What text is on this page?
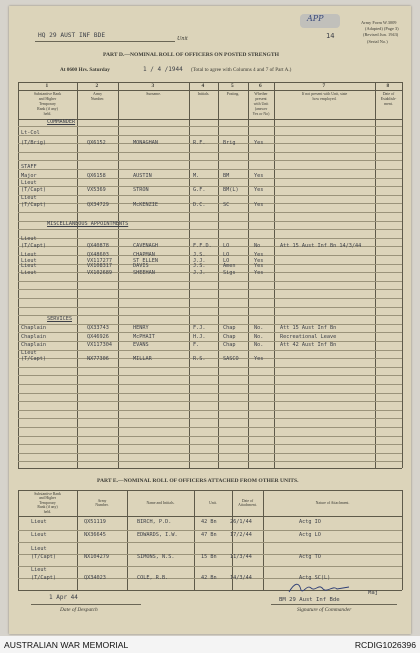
APP
HQ 29 AUST INF BDE	Unit
Army Form W.3009
(Adapted) (Page 3)
(Revised Jun. 1943)
14
(Serial No.)
PART D.—NOMINAL ROLL OF OFFICERS ON POSTED STRENGTH
At 0600 Hrs. Saturday	1 / 4 /1944 (Total to agree with Columns 4 and 7 of Part A.)
1	2	3	4	5	6	7	8
Substantive Rank
and Higher
Temporary
Rank (if any)
held.
Army
Number.
Surname.	Initials.	Posting.	Whether
present
with Unit
(answer
Yes or No)
If not present with Unit, state
how employed.
Date of
Establish-
ment.
COMMANDER
Lt-Col
(T/Brig)	QX6152	MONAGHAN	R.F.	Brig	Yes
STAFF
Major	QX6158	AUSTIN	M.	BM	Yes
Lieut
(T/Capt)	VX5369	STRON	G.F.	BM(L)	Yes
Lieut
(T/Capt)	QX34729	McKENZIE	D.C.	SC	Yes
MISCELLANEOUS APPOINTMENTS
Lieut
(T/Capt)	QX40878	CAVENAGH	F.F.D. LO	No	Att 15 Aust Inf Bn 14/3/44
Lieut	QX48603	CHAPMAN	J.S.	LO	Yes
Lieut	VX117277	ST ELLEN	J.J.	LO	Yes
Lieut	VX108317	DAVIS	J.S.	Amen	Yes
Lieut	VX102689	SHEEHAN	J.J.	Sigs	Yes
SERVICES
Chaplain	QX33743	HENRY	F.J.	Chap	No.	Att 15 Aust Inf Bn
Chaplain	QX46926	McPHAIT	H.J.	Chap	No.	Recreational Leave
Chaplain	VX117304	EVANS	F.	Chap	No.	Att 42 Aust Inf Bn
Lieut
(T/Capt)	NX77306	MILLAR	R.S.	SASCO	Yes
PART E.—NOMINAL ROLL OF OFFICERS ATTACHED FROM OTHER UNITS.
Substantive Rank
and Higher
Temporary
Rank (if any)
held.
Army
Number.
Name and Initials.	Unit.
Date of
Attachment.
Nature of Attachment.
Lieut	QX51119	BIRCH, P.D.	42 Bn	26/1/44	Actg IO
Lieut	NX36645	EDWARDS, I.W.	47 Bn	17/2/44	Actg LO
Lieut
(T/Capt)	NX104279	SIMONS, N.S.	15 Bn	11/3/44	Actg TO
Lieut
(T/Capt)	QX34023	COLE, R.B.	42 Bn	14/3/44	Actg SC(L)
1 Apr 44
Date of Despatch
Maj
BM 29 Aust Inf Bde
Signature of Commander
AUSTRALIAN WAR MEMORIAL	RCDIG1026396
